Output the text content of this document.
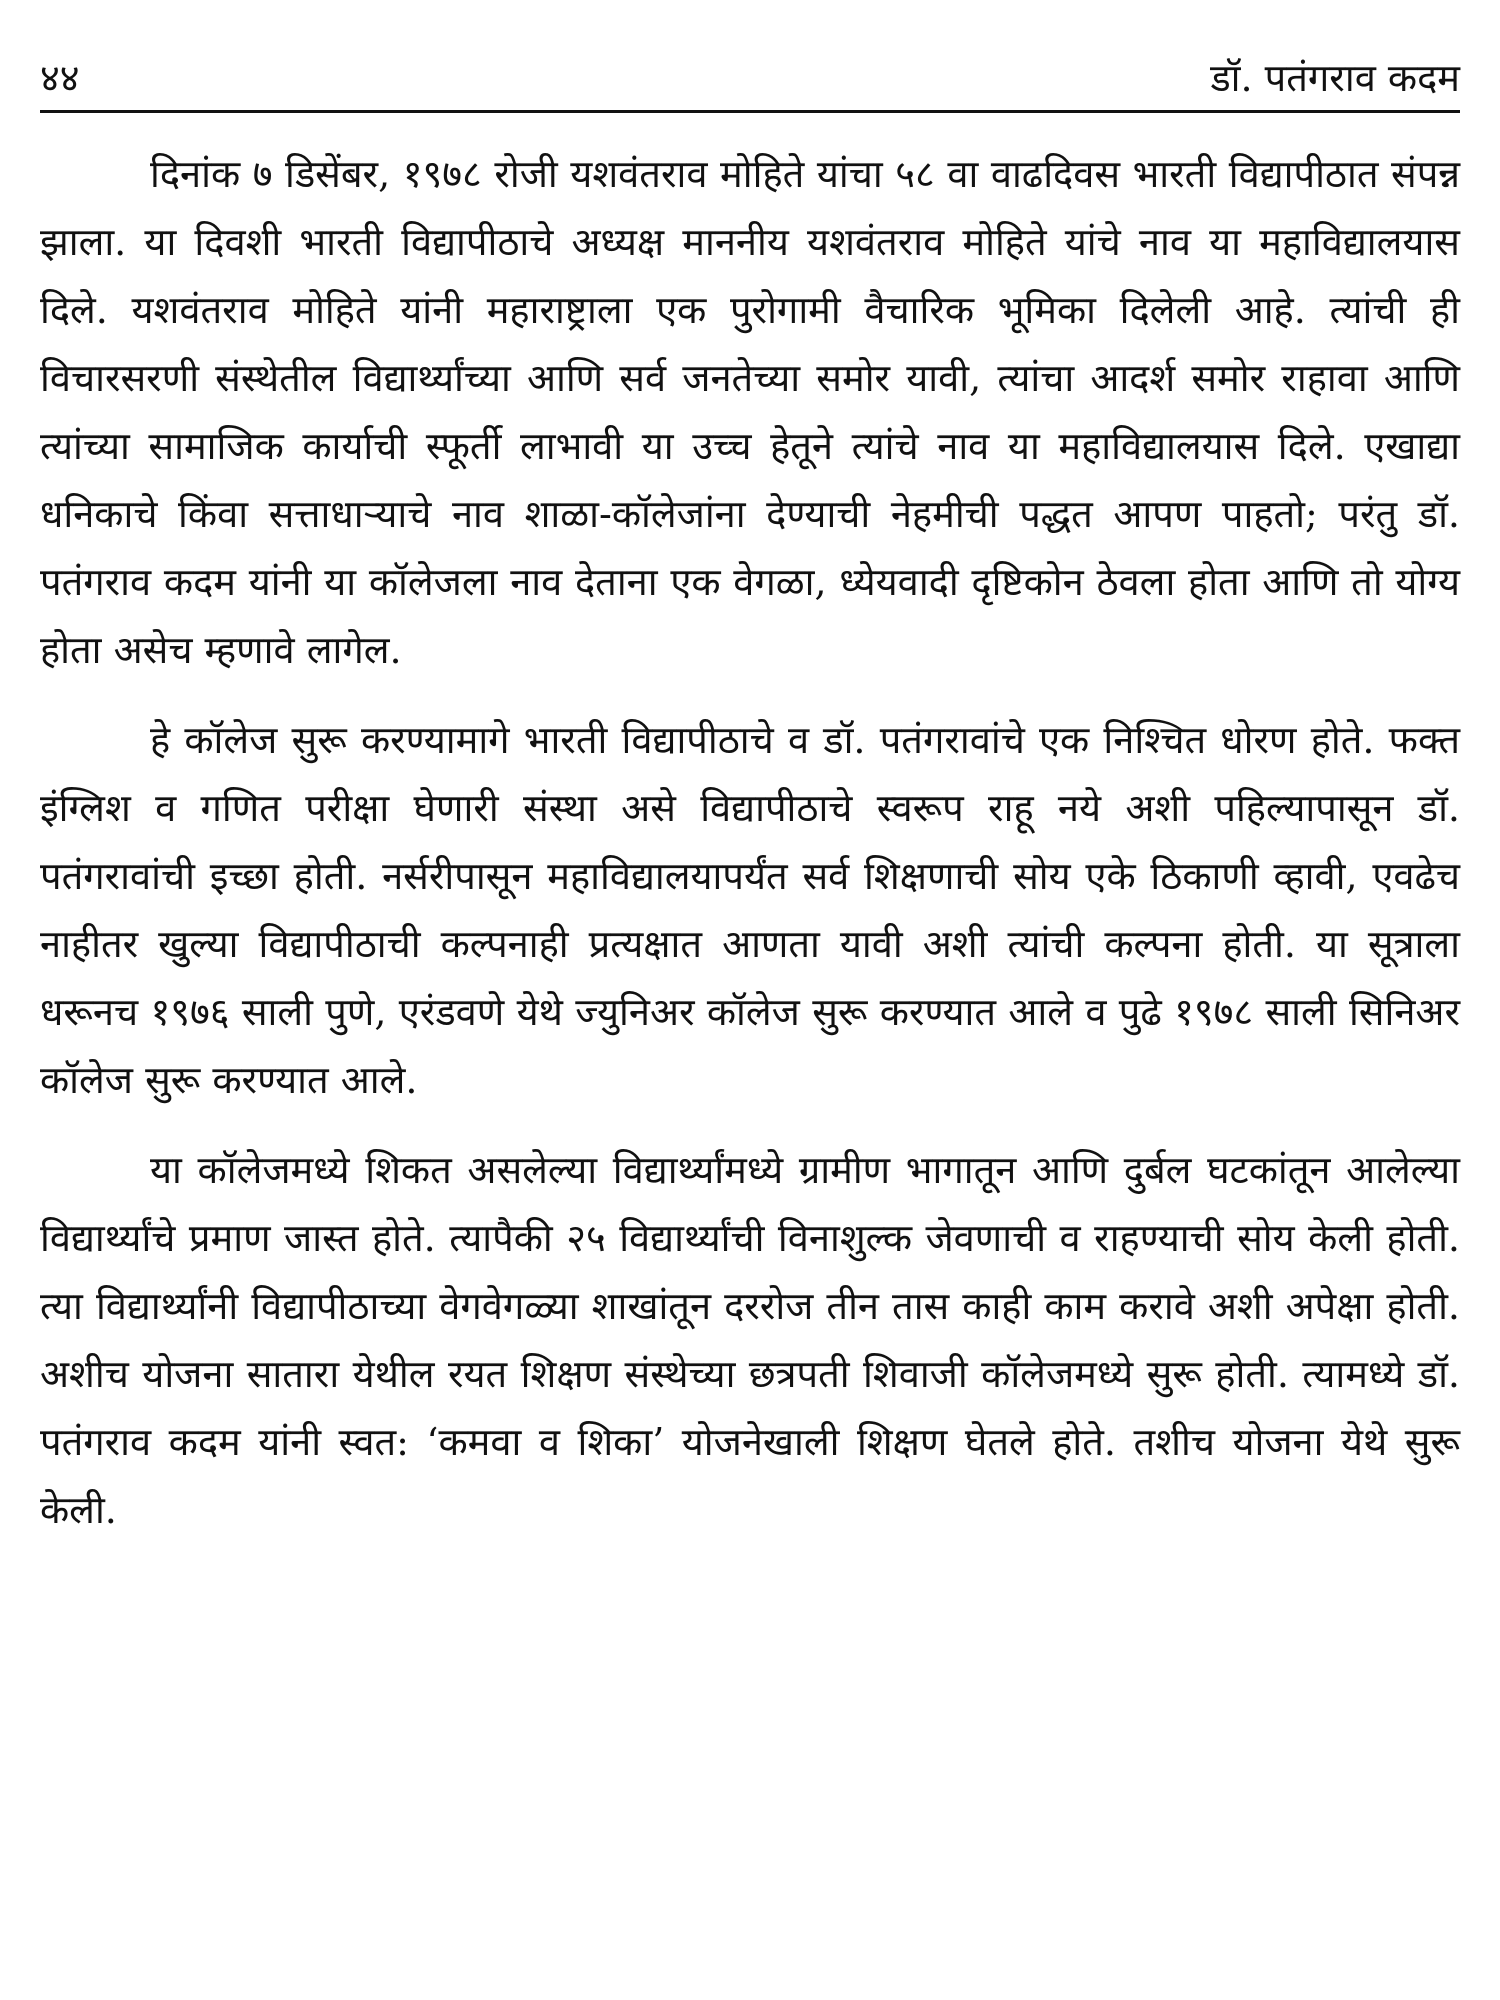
४४	डॉ. पतंगराव कदम

दिनांक ७ डिसेंबर, १९७८ रोजी यशवंतराव मोहिते यांचा ५८ वा वाढदिवस भारती विद्यापीठात संपन्न झाला. या दिवशी भारती विद्यापीठाचे अध्यक्ष माननीय यशवंतराव मोहिते यांचे नाव या महाविद्यालयास दिले. यशवंतराव मोहिते यांनी महाराष्ट्राला एक पुरोगामी वैचारिक भूमिका दिलेली आहे. त्यांची ही विचारसरणी संस्थेतील विद्यार्थ्यांच्या आणि सर्व जनतेच्या समोर यावी, त्यांचा आदर्श समोर राहावा आणि त्यांच्या सामाजिक कार्याची स्फूर्ती लाभावी या उच्च हेतूने त्यांचे नाव या महाविद्यालयास दिले. एखाद्या धनिकाचे किंवा सत्ताधाऱ्याचे नाव शाळा-कॉलेजांना देण्याची नेहमीची पद्धत आपण पाहतो; परंतु डॉ. पतंगराव कदम यांनी या कॉलेजला नाव देताना एक वेगळा, ध्येयवादी दृष्टिकोन ठेवला होता आणि तो योग्य होता असेच म्हणावे लागेल.

हे कॉलेज सुरू करण्यामागे भारती विद्यापीठाचे व डॉ. पतंगरावांचे एक निश्चित धोरण होते. फक्त इंग्लिश व गणित परीक्षा घेणारी संस्था असे विद्यापीठाचे स्वरूप राहू नये अशी पहिल्यापासून डॉ. पतंगरावांची इच्छा होती. नर्सरीपासून महाविद्यालयापर्यंत सर्व शिक्षणाची सोय एके ठिकाणी व्हावी, एवढेच नाहीतर खुल्या विद्यापीठाची कल्पनाही प्रत्यक्षात आणता यावी अशी त्यांची कल्पना होती. या सूत्राला धरूनच १९७६ साली पुणे, एरंडवणे येथे ज्युनिअर कॉलेज सुरू करण्यात आले व पुढे १९७८ साली सिनिअर कॉलेज सुरू करण्यात आले.

या कॉलेजमध्ये शिकत असलेल्या विद्यार्थ्यांमध्ये ग्रामीण भागातून आणि दुर्बल घटकांतून आलेल्या विद्यार्थ्यांचे प्रमाण जास्त होते. त्यापैकी २५ विद्यार्थ्यांची विनाशुल्क जेवणाची व राहण्याची सोय केली होती. त्या विद्यार्थ्यांनी विद्यापीठाच्या वेगवेगळ्या शाखांतून दररोज तीन तास काही काम करावे अशी अपेक्षा होती. अशीच योजना सातारा येथील रयत शिक्षण संस्थेच्या छत्रपती शिवाजी कॉलेजमध्ये सुरू होती. त्यामध्ये डॉ. पतंगराव कदम यांनी स्वत: ‘कमवा व शिका’ योजनेखाली शिक्षण घेतले होते. तशीच योजना येथे सुरू केली.
